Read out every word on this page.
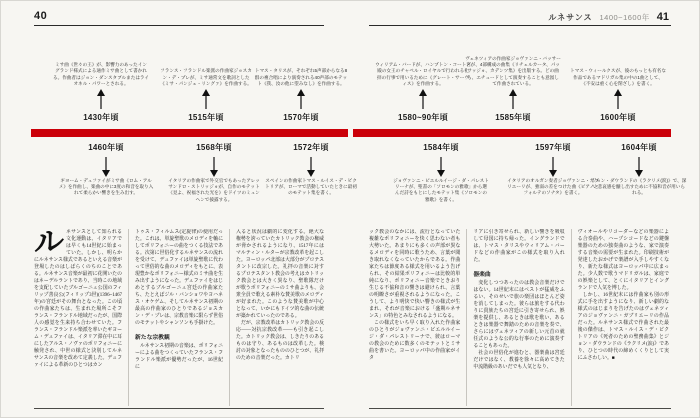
40	ルネサンス 1400~1600年 41
ミサ曲《世々の王》が、影響力のあったイングランド様式による通作ミサ曲として書かれる。作曲者はジョン・ダンスタブルまたはライオネル・パワーとされる。
1430年頃
フランス・フランドル楽派の作曲家ジョスカン・デ・プレが、ミサ通常文を歌詞とした《ミサ・パンジェ・リングァ》を作曲する。
1515年頃
トマス・タリスが、それぞれ5声部からなる8群の複合唱により演奏される40声部のモテット《我、汝の他に望みなし》を作曲する。
1570年頃
ウィリアム・バードが、ハンプトン・コート宮殿の女王のチャペル・ロイヤルで行われる礼拝の行事で用いるために《グレート・サーヴィス》を作曲する。
1580~90年頃
ヴェネツィアの作曲家ジョヴァンニ・バッサーノが、4部構成の曲集《リチェルカータ、パッサッジョ、カデンツ集》を出版する。どの曲も、エチュードとして演奏することも意図して作曲されている。
1585年頃
トマス・ウィールクスが、彼のもっとも有名な作品であるマドリガル集の中の1曲として、《不安は重く心を閉ざし》を書く。
1600年頃
1460年頃
ギヨーム・デュファイがミサ曲《ロム・アルメ》を作曲し、楽曲の中に3度の和音を取り入れて柔らかい響きを生み出す。
1568年頃
イタリアの作曲家で外交官でもあったアレッサンドロ・ストリッジョが、自作のモテット《見よ、祝福された光を》をドイツのミュンヘンで披露する。
1572年頃
スペインの作曲家トマス・ルイス・デ・ビクトリアが、ローマで活動していたときに最初のモテット集を書く。
1584年頃
ジョヴァンニ・ピエルルイージ・ダ・パレストリーナが、聖書の「ソロモンの雅歌」から選んだ詩をもとにしたモテット集《ソロモンの雅歌》を書く。
1597年頃
イタリアのオルガン奏者ジョヴァンニ・ガブリエーリが、強弱の差をつけた曲《ピアノとフォルテのソナタ》を書く。
1604年頃
ジョン・ダウランドの《ラクリメ(涙)》で、深い悲哀感を醸し出すために不協和音が用いられる。

ルネサンスとして知られる文化運動は、イタリアでは早くも14世紀に始まっていた。しかし、明らかにルネサンス様式であるといえる音楽が登場したのはしばらくのちのことである。ルネサンス音楽が最初に花開いたのはネーデルラントであり、当時この地域を支配していたブルゴーニュ公国のフィリップ善良公(フィリップ3世)(1396~1467年)の宮廷がその舞台となった。この頃の作曲家たちは、生まれた場所こそフランス・フランドル地域だったが、国際人の感覚を生来持ち合わせていた。フランス・フランドル楽派を率いたギヨーム・デュファイは、イタリア滞在中に耳にしたアルス・ノヴァのポリフォニーに触発され、中世の様式と決別してルネサンスの音楽を改めて定義した。デュファイによる革新のひとつはカン

トゥス・フィルムス(定旋律)の使用だった。これは、単旋聖歌のメロディを軸にしてポリフォニーの曲をつくる技法である。次第に世俗化するルネサンスの流れを受けて、デュファイは単旋聖歌に代わって世俗的な曲のメロディをもとに、表現豊かなポリフォニー様式のミサ曲を生み出すようになった。デュファイをはじめとするブルゴーニュ宮廷の作曲家たち、たとえばジル・バンショワやヨハネス・オケゲム、そしてルネサンス初期の最高の作曲家のひとりであるジョスカン・デ・プレは、宗教音楽に限らず世俗のモテットやシャンソンも手掛けた。

新たな宗教観

ルネサンス初期の音楽は、ポリフォニーによる曲をつくっていたフランス・フランドル楽派が優勢だったが、16世紀に

入ると状況は劇的に変化する。絶大な権勢を誇っていたカトリック教会の権威が脅かされるようになり、1517年にはマルティン・ルターが宗教改革を起こした。ヨーロッパ北部は大部分がプロテスタントに改宗した。礼拝の音楽に対するプロテスタント教会の考えはカトリック教会とは大きく異なり、聖歌隊だけが歌うポリフォニーのミサ曲よりも、会衆全員で歌える素朴な賛美歌のメロディが好まれた。このような賛美歌が中心となって、いかにもドイツ的な曲の伝統が築かれていったのである。

だが、宗教改革はカトリック教会の反応——対抗宗教改革——も引き起こした。カトリック教会は、しきたりのあるものは守り、あるものは改革した。検討の対象となったもののひとつが、礼拝のための音楽だった。カトリ

ック教会のなかには、流行となっていた複雑なポリフォニーを快く思わない者も大勢いた。あまりにも多くの声部が異なるメロディを同時に歌うため、言葉が聞き取れなくなっていたからである。作曲家たちは節度ある様式を用いるよう告げられ、その結果ポリフォニーは比較的単純になり、ポリフォニー音楽でときおり生じる不協和音の響きは避けられ、言葉の明瞭さが重視されるようになった。こうして、より明快で快い響きの様式が生まれ、それが音楽における「盛期ルネサンス」の特色とみなされるようになる。

この様式をいち早く取り入れた作曲家のひとりがジョヴァンニ・ピエルルイージ・ダ・パレストリーナで、彼はローマの教会のために数多くのモテットとミサ曲を書いた。ヨーロッパ中の作曲家がイタ

リアに引き寄せられ、新しい響きを吸収して母国に持ち帰った。イングランドでは、トマス・タリスやウィリアム・バードなどの作曲家がこの様式を取り入れた。

器楽曲

変化しつつあったのは教会音楽だけではない。14世紀末にはペストが猛威をふるい、そのせいで旅の楽団はほとんど姿を消してしまった。彼らは旅をする代わりに貴族たちの宮廷に引き寄せられ、娯楽を提供し、あるときは歌を歌い、あるときは楽器で舞踏のための音楽を奏で、さらにはヴェネツィアの新しい元首の就任式のような公的な行事のために演奏することもあった。

社会の世俗化が進むと、器楽曲は宮廷だけではなく、教養を徐々に高めてきた中流階級のあいだでも人気となり、

ヴィオールやリコーダーなどの楽器による合奏曲や、ハープシコードなどの鍵盤楽器のための独奏曲のような、家で演奏する音楽の需要が生まれた。印刷技術が発達したおかげで楽譜が入手しやすくなり、新たな様式はヨーロッパ中に広まった。少人数で歌うマドリガルは、家庭での娯楽として、とくにイタリアとイングランドで人気を博した。

しかし、16世紀末には作曲家も別の形式に手を出すようになり、新しい劇的な様式のはじまりを告げたのはヴェネツィアのジョヴァンニ・ガブリエーリの作品だった。ルネサンス様式で作曲された最後の傑作は、トマス・ルイス・デ・ビクトリアの《死者のための聖務曲集》とジョン・ダウランドの《ラクリメ(涙)》であり、ひとつの時代の締めくくりとして実にふさわしい。■
